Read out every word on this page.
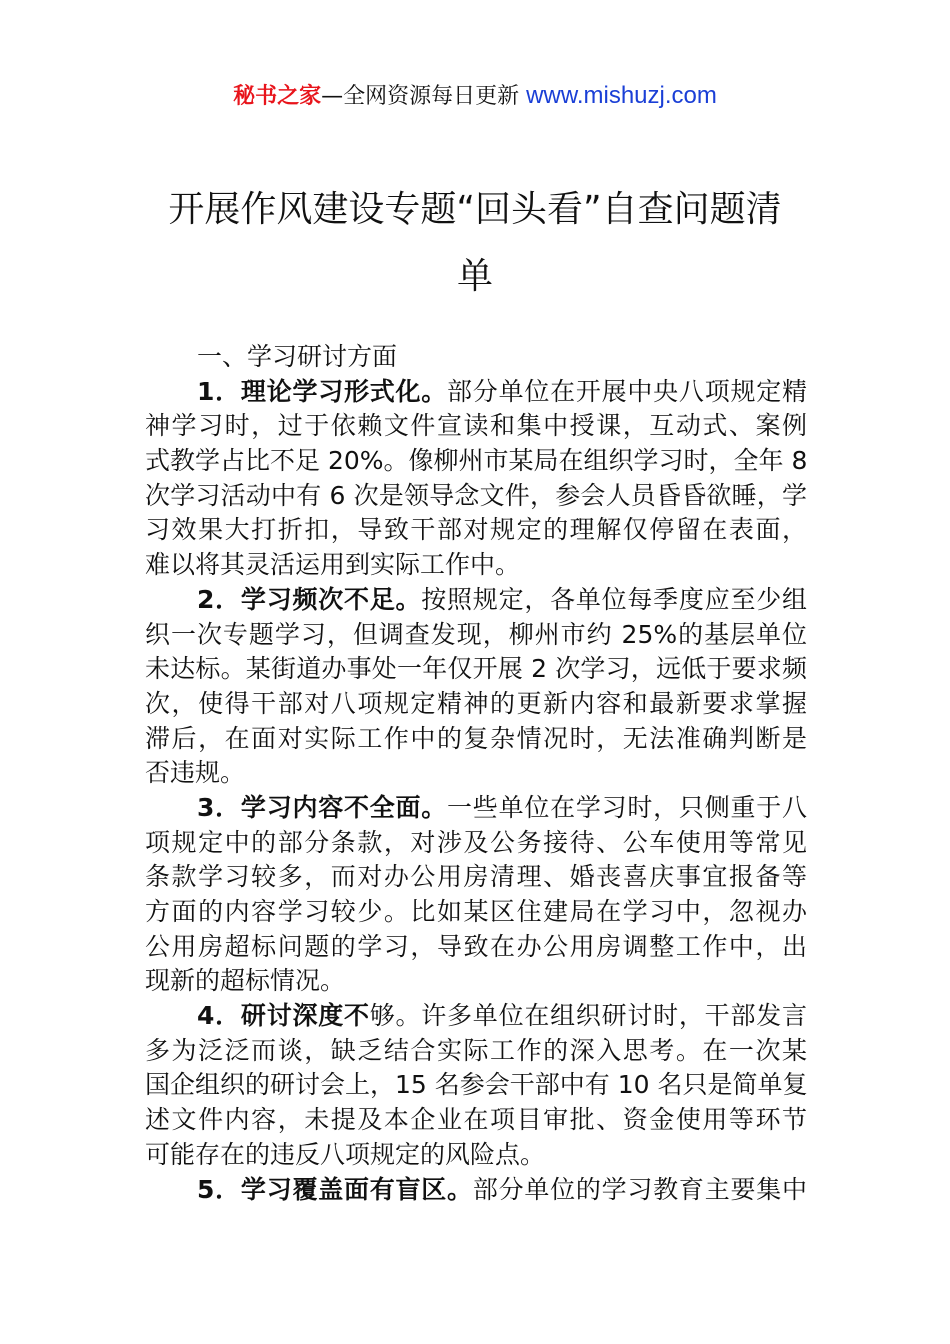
秘书之家—全网资源每日更新 www.mishuzj.com
开展作风建设专题“回头看”自查问题清
单
一、学习研讨方面
1．理论学习形式化。部分单位在开展中央八项规定精
神学习时，过于依赖文件宣读和集中授课，互动式、案例
式教学占比不足 20%。像柳州市某局在组织学习时，全年 8
次学习活动中有 6 次是领导念文件，参会人员昏昏欲睡，学
习效果大打折扣，导致干部对规定的理解仅停留在表面，
难以将其灵活运用到实际工作中。
2．学习频次不足。按照规定，各单位每季度应至少组
织一次专题学习，但调查发现，柳州市约 25%的基层单位
未达标。某街道办事处一年仅开展 2 次学习，远低于要求频
次，使得干部对八项规定精神的更新内容和最新要求掌握
滞后，在面对实际工作中的复杂情况时，无法准确判断是
否违规。
3．学习内容不全面。一些单位在学习时，只侧重于八
项规定中的部分条款，对涉及公务接待、公车使用等常见
条款学习较多，而对办公用房清理、婚丧喜庆事宜报备等
方面的内容学习较少。比如某区住建局在学习中，忽视办
公用房超标问题的学习，导致在办公用房调整工作中，出
现新的超标情况。
4．研讨深度不够。许多单位在组织研讨时，干部发言
多为泛泛而谈，缺乏结合实际工作的深入思考。在一次某
国企组织的研讨会上，15 名参会干部中有 10 名只是简单复
述文件内容，未提及本企业在项目审批、资金使用等环节
可能存在的违反八项规定的风险点。
5．学习覆盖面有盲区。部分单位的学习教育主要集中
